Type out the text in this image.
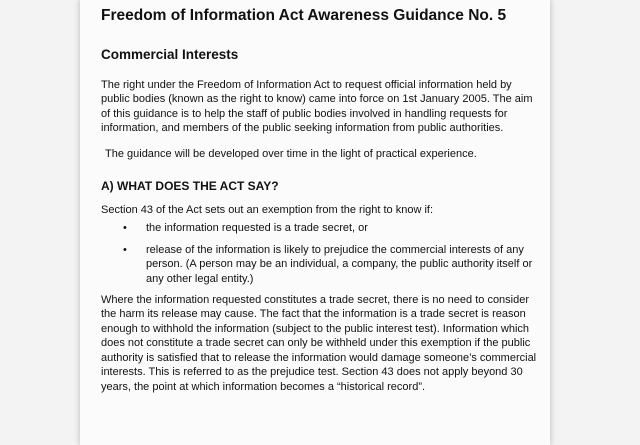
Freedom of Information Act Awareness Guidance No. 5
Commercial Interests

The right under the Freedom of Information Act to request official information held by public bodies (known as the right to know) came into force on 1st January 2005. The aim of this guidance is to help the staff of public bodies involved in handling requests for information, and members of the public seeking information from public authorities.

The guidance will be developed over time in the light of practical experience.

A) WHAT DOES THE ACT SAY?

Section 43 of the Act sets out an exemption from the right to know if:

• the information requested is a trade secret, or
• release of the information is likely to prejudice the commercial interests of any person. (A person may be an individual, a company, the public authority itself or any other legal entity.)

Where the information requested constitutes a trade secret, there is no need to consider the harm its release may cause. The fact that the information is a trade secret is reason enough to withhold the information (subject to the public interest test). Information which does not constitute a trade secret can only be withheld under this exemption if the public authority is satisfied that to release the information would damage someone’s commercial interests. This is referred to as the prejudice test. Section 43 does not apply beyond 30 years, the point at which information becomes a “historical record”.
